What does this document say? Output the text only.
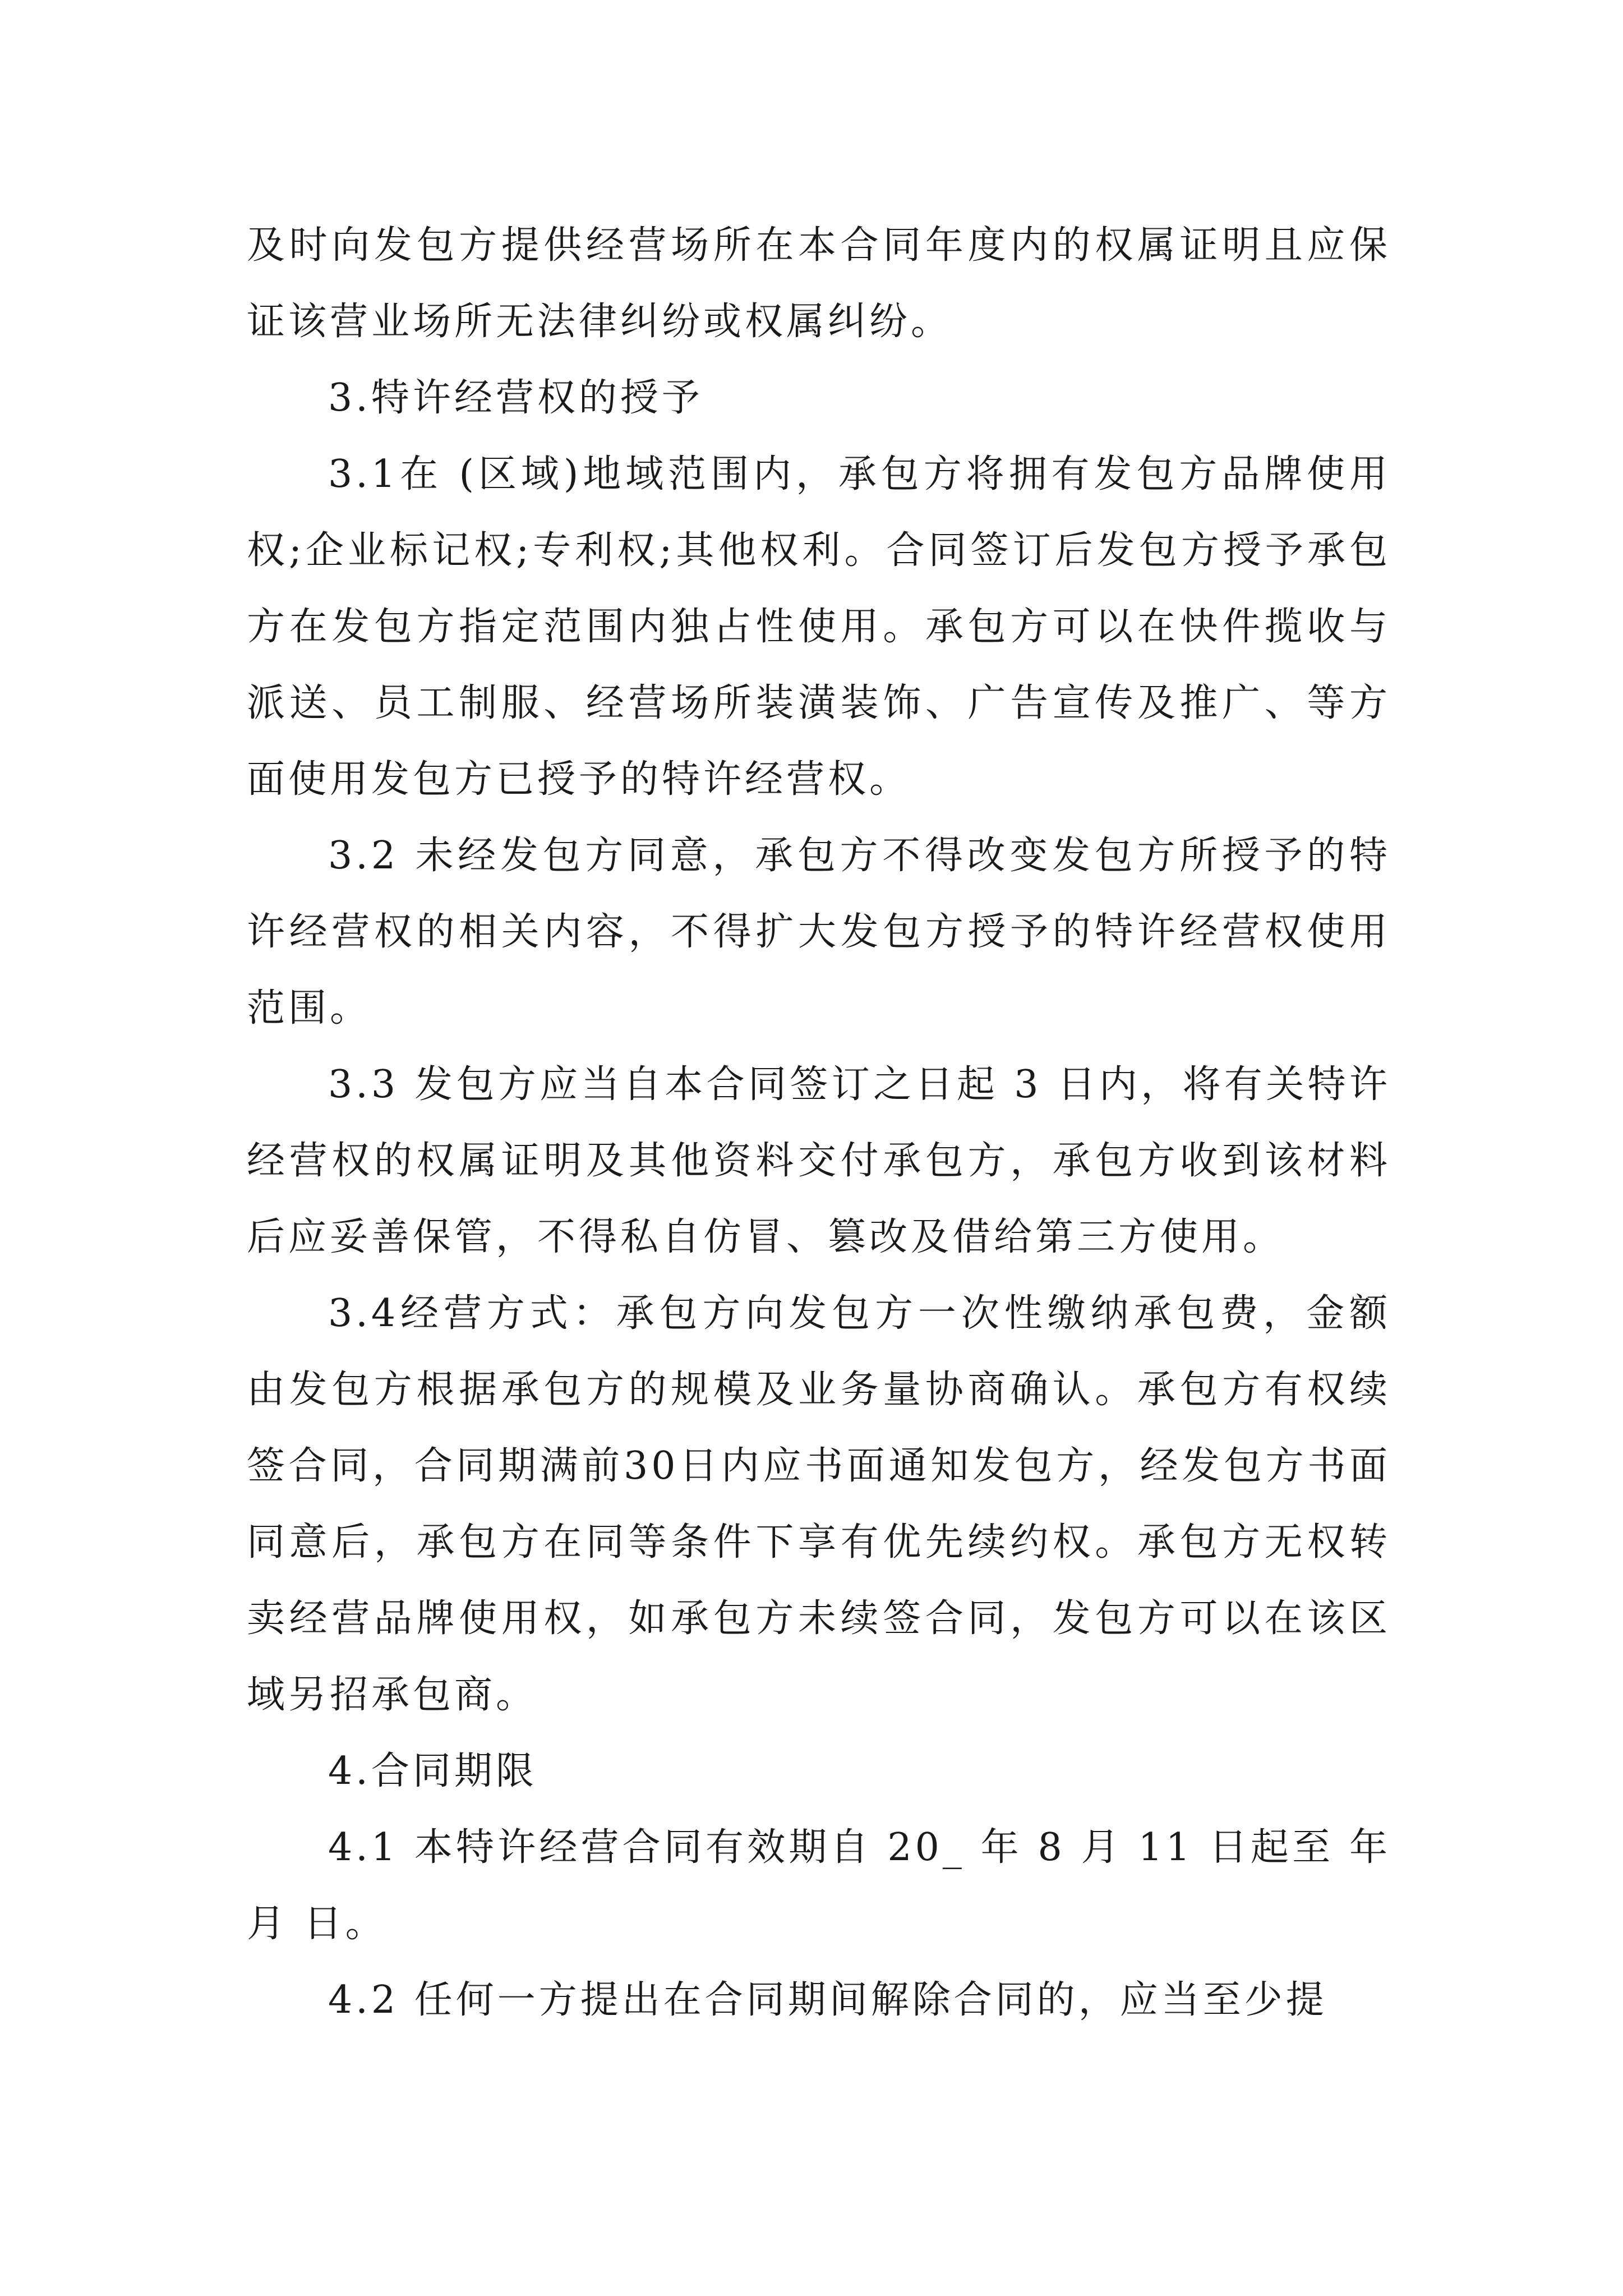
及时向发包方提供经营场所在本合同年度内的权属证明且应保证该营业场所无法律纠纷或权属纠纷。

3.特许经营权的授予

3.1在 (区域)地域范围内，承包方将拥有发包方品牌使用权;企业标记权;专利权;其他权利。合同签订后发包方授予承包方在发包方指定范围内独占性使用。承包方可以在快件揽收与派送、员工制服、经营场所装潢装饰、广告宣传及推广、等方面使用发包方已授予的特许经营权。

3.2 未经发包方同意，承包方不得改变发包方所授予的特许经营权的相关内容，不得扩大发包方授予的特许经营权使用范围。

3.3 发包方应当自本合同签订之日起 3 日内，将有关特许经营权的权属证明及其他资料交付承包方，承包方收到该材料后应妥善保管，不得私自仿冒、篡改及借给第三方使用。

3.4经营方式：承包方向发包方一次性缴纳承包费，金额由发包方根据承包方的规模及业务量协商确认。承包方有权续签合同，合同期满前30日内应书面通知发包方，经发包方书面同意后，承包方在同等条件下享有优先续约权。承包方无权转卖经营品牌使用权，如承包方未续签合同，发包方可以在该区域另招承包商。

4.合同期限

4.1 本特许经营合同有效期自 20_ 年 8 月 11 日起至 年 月 日。

4.2 任何一方提出在合同期间解除合同的，应当至少提
